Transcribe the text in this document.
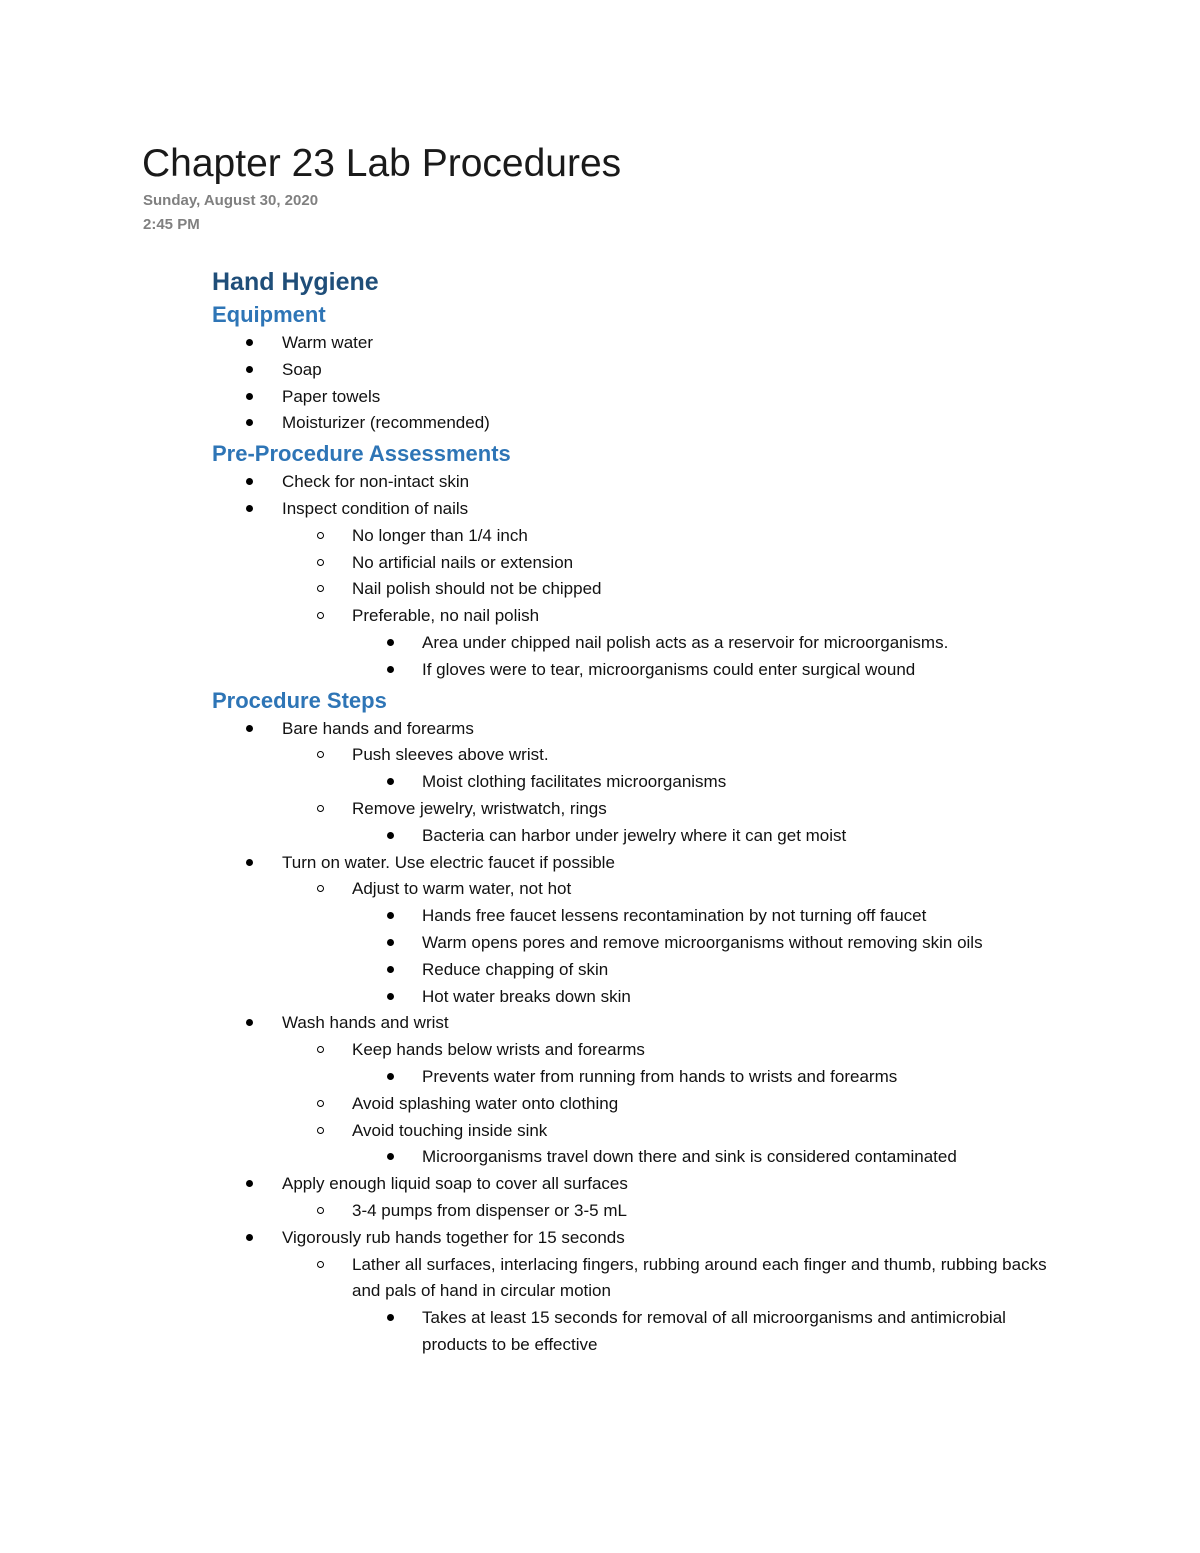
Chapter 23 Lab Procedures
Sunday, August 30, 2020
2:45 PM
Hand Hygiene
Equipment
Warm water
Soap
Paper towels
Moisturizer (recommended)
Pre-Procedure Assessments
Check for non-intact skin
Inspect condition of nails
No longer than 1/4 inch
No artificial nails or extension
Nail polish should not be chipped
Preferable, no nail polish
Area under chipped nail polish acts as a reservoir for microorganisms.
If gloves were to tear, microorganisms could enter surgical wound
Procedure Steps
Bare hands and forearms
Push sleeves above wrist.
Moist clothing facilitates microorganisms
Remove jewelry, wristwatch, rings
Bacteria can harbor under jewelry where it can get moist
Turn on water. Use electric faucet if possible
Adjust to warm water, not hot
Hands free faucet lessens recontamination by not turning off faucet
Warm opens pores and remove microorganisms without removing skin oils
Reduce chapping of skin
Hot water breaks down skin
Wash hands and wrist
Keep hands below wrists and forearms
Prevents water from running from hands to wrists and forearms
Avoid splashing water onto clothing
Avoid touching inside sink
Microorganisms travel down there and sink is considered contaminated
Apply enough liquid soap to cover all surfaces
3-4 pumps from dispenser or 3-5 mL
Vigorously rub hands together for 15 seconds
Lather all surfaces, interlacing fingers, rubbing around each finger and thumb, rubbing backs and pals of hand in circular motion
Takes at least 15 seconds for removal of all microorganisms and antimicrobial products to be effective
